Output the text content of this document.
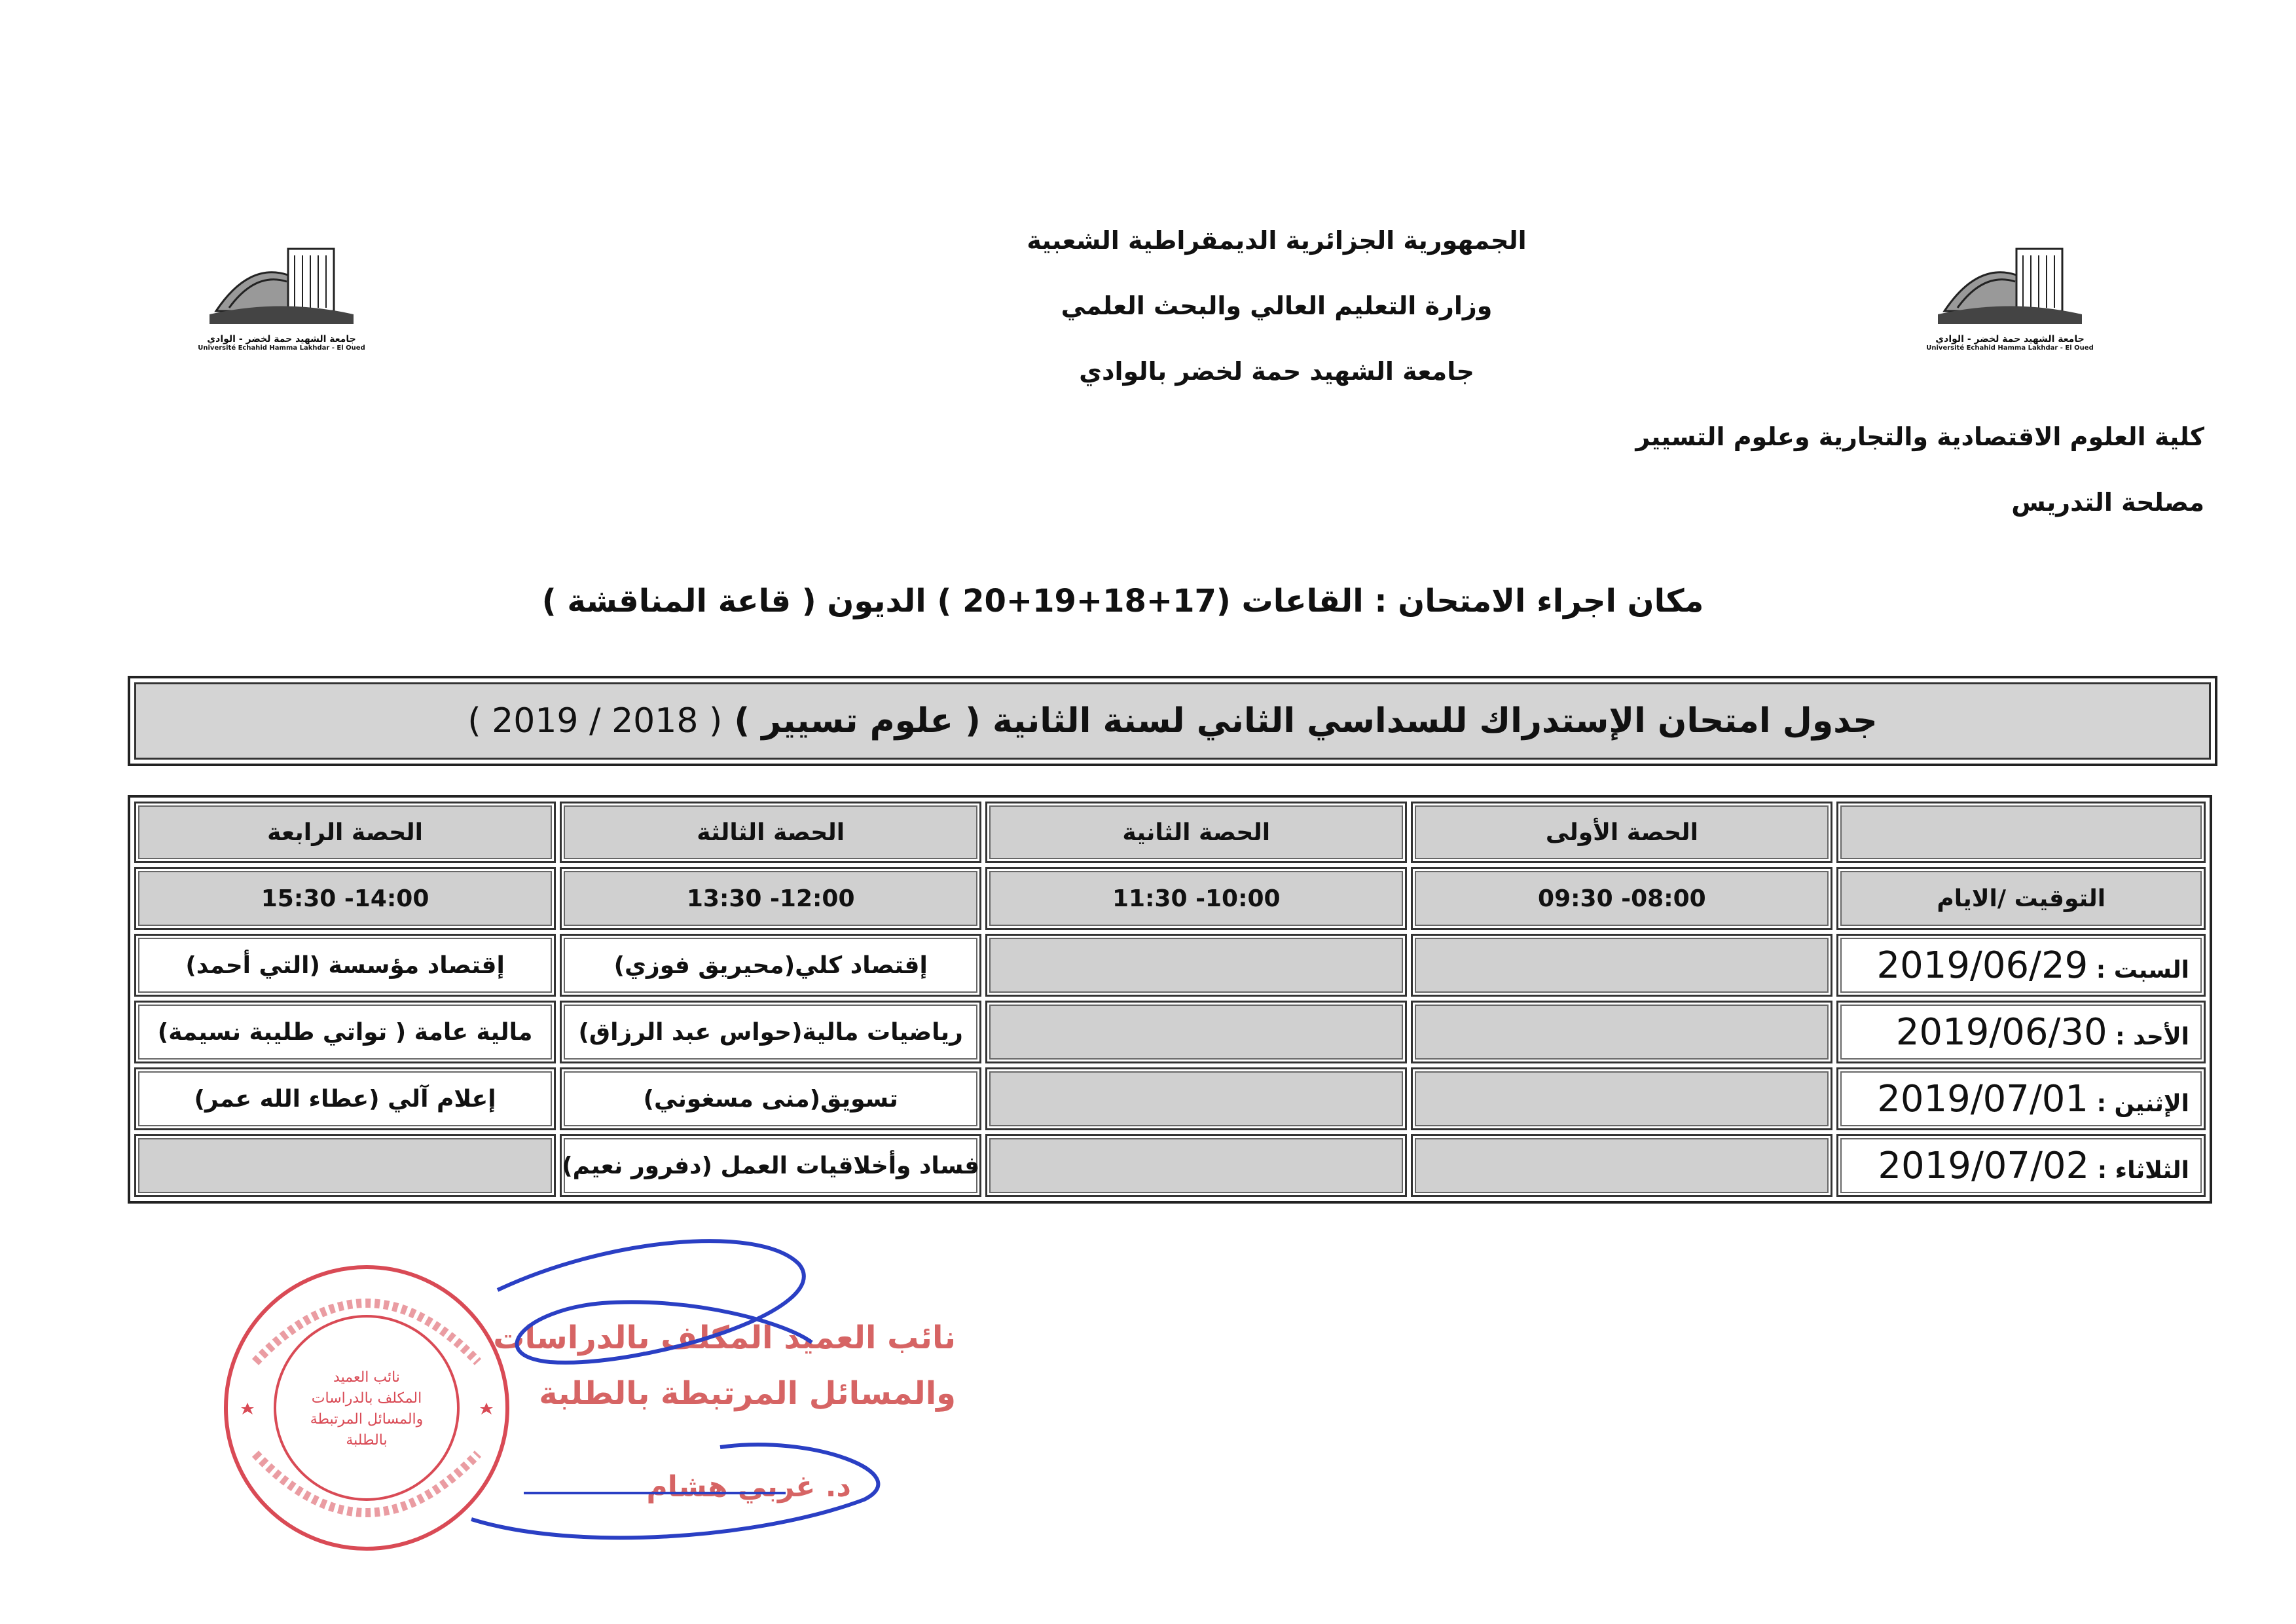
جامعة الشهيد حمة لخضر - الوادي
Université Echahid Hamma Lakhdar - El Oued
جامعة الشهيد حمة لخضر - الوادي
Université Echahid Hamma Lakhdar - El Oued
الجمهورية الجزائرية الديمقراطية الشعبية
وزارة التعليم العالي والبحث العلمي
جامعة الشهيد حمة لخضر بالوادي
كلية العلوم الاقتصادية والتجارية وعلوم التسيير
مصلحة التدريس
مكان اجراء الامتحان : القاعات (17+18+19+20 ) الديون ( قاعة المناقشة )
جدول امتحان الإستدراك للسداسي الثاني لسنة الثانية ( علوم تسيير ) ( 2018 / 2019 )
	الحصة الأولى	الحصة الثانية	الحصة الثالثة	الحصة الرابعة
التوقيت /الايام	09:30 -08:00	11:30 -10:00	13:30 -12:00	15:30 -14:00
السبت : 2019/06/29			إقتصاد كلي(محيريق فوزي)	إقتصاد مؤسسة (التي أحمد)
الأحد : 2019/06/30			رياضيات مالية(حواس عبد الرزاق)	مالية عامة ( تواتي طليبة نسيمة)
الإثنين : 2019/07/01			تسويق(منى مسغوني)	إعلام آلي (عطاء الله عمر)
الثلاثاء : 2019/07/02			فساد وأخلاقيات العمل (دفرور نعيم)	
نائب العميد
المكلف بالدراسات
والمسائل المرتبطة
بالطلبة
نائب العميد المكلف بالدراسات
والمسائل المرتبطة بالطلبة
د. غربي هشام
